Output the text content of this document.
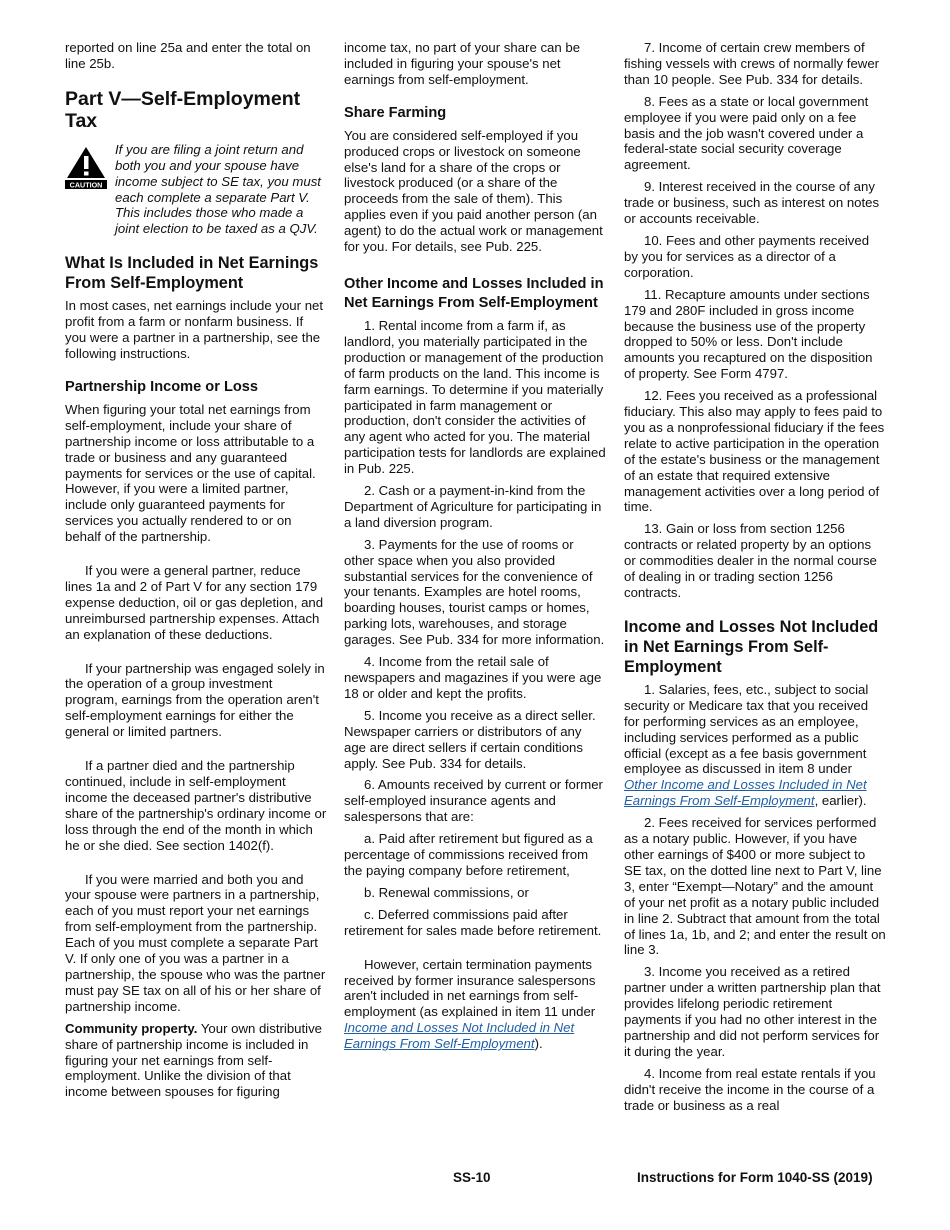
reported on line 25a and enter the total on line 25b.

Part V—Self-Employment Tax
CAUTION

If you are filing a joint return and both you and your spouse have income subject to SE tax, you must each complete a separate Part V. This includes those who made a joint election to be taxed as a QJV.

What Is Included in Net Earnings From Self-Employment

In most cases, net earnings include your net profit from a farm or nonfarm business. If you were a partner in a partnership, see the following instructions.

Partnership Income or Loss

When figuring your total net earnings from self-employment, include your share of partnership income or loss attributable to a trade or business and any guaranteed payments for services or the use of capital. However, if you were a limited partner, include only guaranteed payments for services you actually rendered to or on behalf of the partnership.

If you were a general partner, reduce lines 1a and 2 of Part V for any section 179 expense deduction, oil or gas depletion, and unreimbursed partnership expenses. Attach an explanation of these deductions.

If your partnership was engaged solely in the operation of a group investment program, earnings from the operation aren't self-employment earnings for either the general or limited partners.

If a partner died and the partnership continued, include in self-employment income the deceased partner's distributive share of the partnership's ordinary income or loss through the end of the month in which he or she died. See section 1402(f).

If you were married and both you and your spouse were partners in a partnership, each of you must report your net earnings from self-employment from the partnership. Each of you must complete a separate Part V. If only one of you was a partner in a partnership, the spouse who was the partner must pay SE tax on all of his or her share of partnership income.

Community property. Your own distributive share of partnership income is included in figuring your net earnings from self-employment. Unlike the division of that income between spouses for figuring

income tax, no part of your share can be included in figuring your spouse's net earnings from self-employment.

Share Farming

You are considered self-employed if you produced crops or livestock on someone else's land for a share of the crops or livestock produced (or a share of the proceeds from the sale of them). This applies even if you paid another person (an agent) to do the actual work or management for you. For details, see Pub. 225.

Other Income and Losses Included in Net Earnings From Self-Employment

1. Rental income from a farm if, as landlord, you materially participated in the production or management of the production of farm products on the land. This income is farm earnings. To determine if you materially participated in farm management or production, don't consider the activities of any agent who acted for you. The material participation tests for landlords are explained in Pub. 225.

2. Cash or a payment-in-kind from the Department of Agriculture for participating in a land diversion program.

3. Payments for the use of rooms or other space when you also provided substantial services for the convenience of your tenants. Examples are hotel rooms, boarding houses, tourist camps or homes, parking lots, warehouses, and storage garages. See Pub. 334 for more information.

4. Income from the retail sale of newspapers and magazines if you were age 18 or older and kept the profits.

5. Income you receive as a direct seller. Newspaper carriers or distributors of any age are direct sellers if certain conditions apply. See Pub. 334 for details.

6. Amounts received by current or former self-employed insurance agents and salespersons that are:

a. Paid after retirement but figured as a percentage of commissions received from the paying company before retirement,

b. Renewal commissions, or

c. Deferred commissions paid after retirement for sales made before retirement.

However, certain termination payments received by former insurance salespersons aren't included in net earnings from self-employment (as explained in item 11 under Income and Losses Not Included in Net Earnings From Self-Employment).

7. Income of certain crew members of fishing vessels with crews of normally fewer than 10 people. See Pub. 334 for details.

8. Fees as a state or local government employee if you were paid only on a fee basis and the job wasn't covered under a federal-state social security coverage agreement.

9. Interest received in the course of any trade or business, such as interest on notes or accounts receivable.

10. Fees and other payments received by you for services as a director of a corporation.

11. Recapture amounts under sections 179 and 280F included in gross income because the business use of the property dropped to 50% or less. Don't include amounts you recaptured on the disposition of property. See Form 4797.

12. Fees you received as a professional fiduciary. This also may apply to fees paid to you as a nonprofessional fiduciary if the fees relate to active participation in the operation of the estate's business or the management of an estate that required extensive management activities over a long period of time.

13. Gain or loss from section 1256 contracts or related property by an options or commodities dealer in the normal course of dealing in or trading section 1256 contracts.

Income and Losses Not Included in Net Earnings From Self-Employment

1. Salaries, fees, etc., subject to social security or Medicare tax that you received for performing services as an employee, including services performed as a public official (except as a fee basis government employee as discussed in item 8 under Other Income and Losses Included in Net Earnings From Self-Employment, earlier).

2. Fees received for services performed as a notary public. However, if you have other earnings of $400 or more subject to SE tax, on the dotted line next to Part V, line 3, enter “Exempt—Notary” and the amount of your net profit as a notary public included in line 2. Subtract that amount from the total of lines 1a, 1b, and 2; and enter the result on line 3.

3. Income you received as a retired partner under a written partnership plan that provides lifelong periodic retirement payments if you had no other interest in the partnership and did not perform services for it during the year.

4. Income from real estate rentals if you didn't receive the income in the course of a trade or business as a real

SS-10	Instructions for Form 1040-SS (2019)
